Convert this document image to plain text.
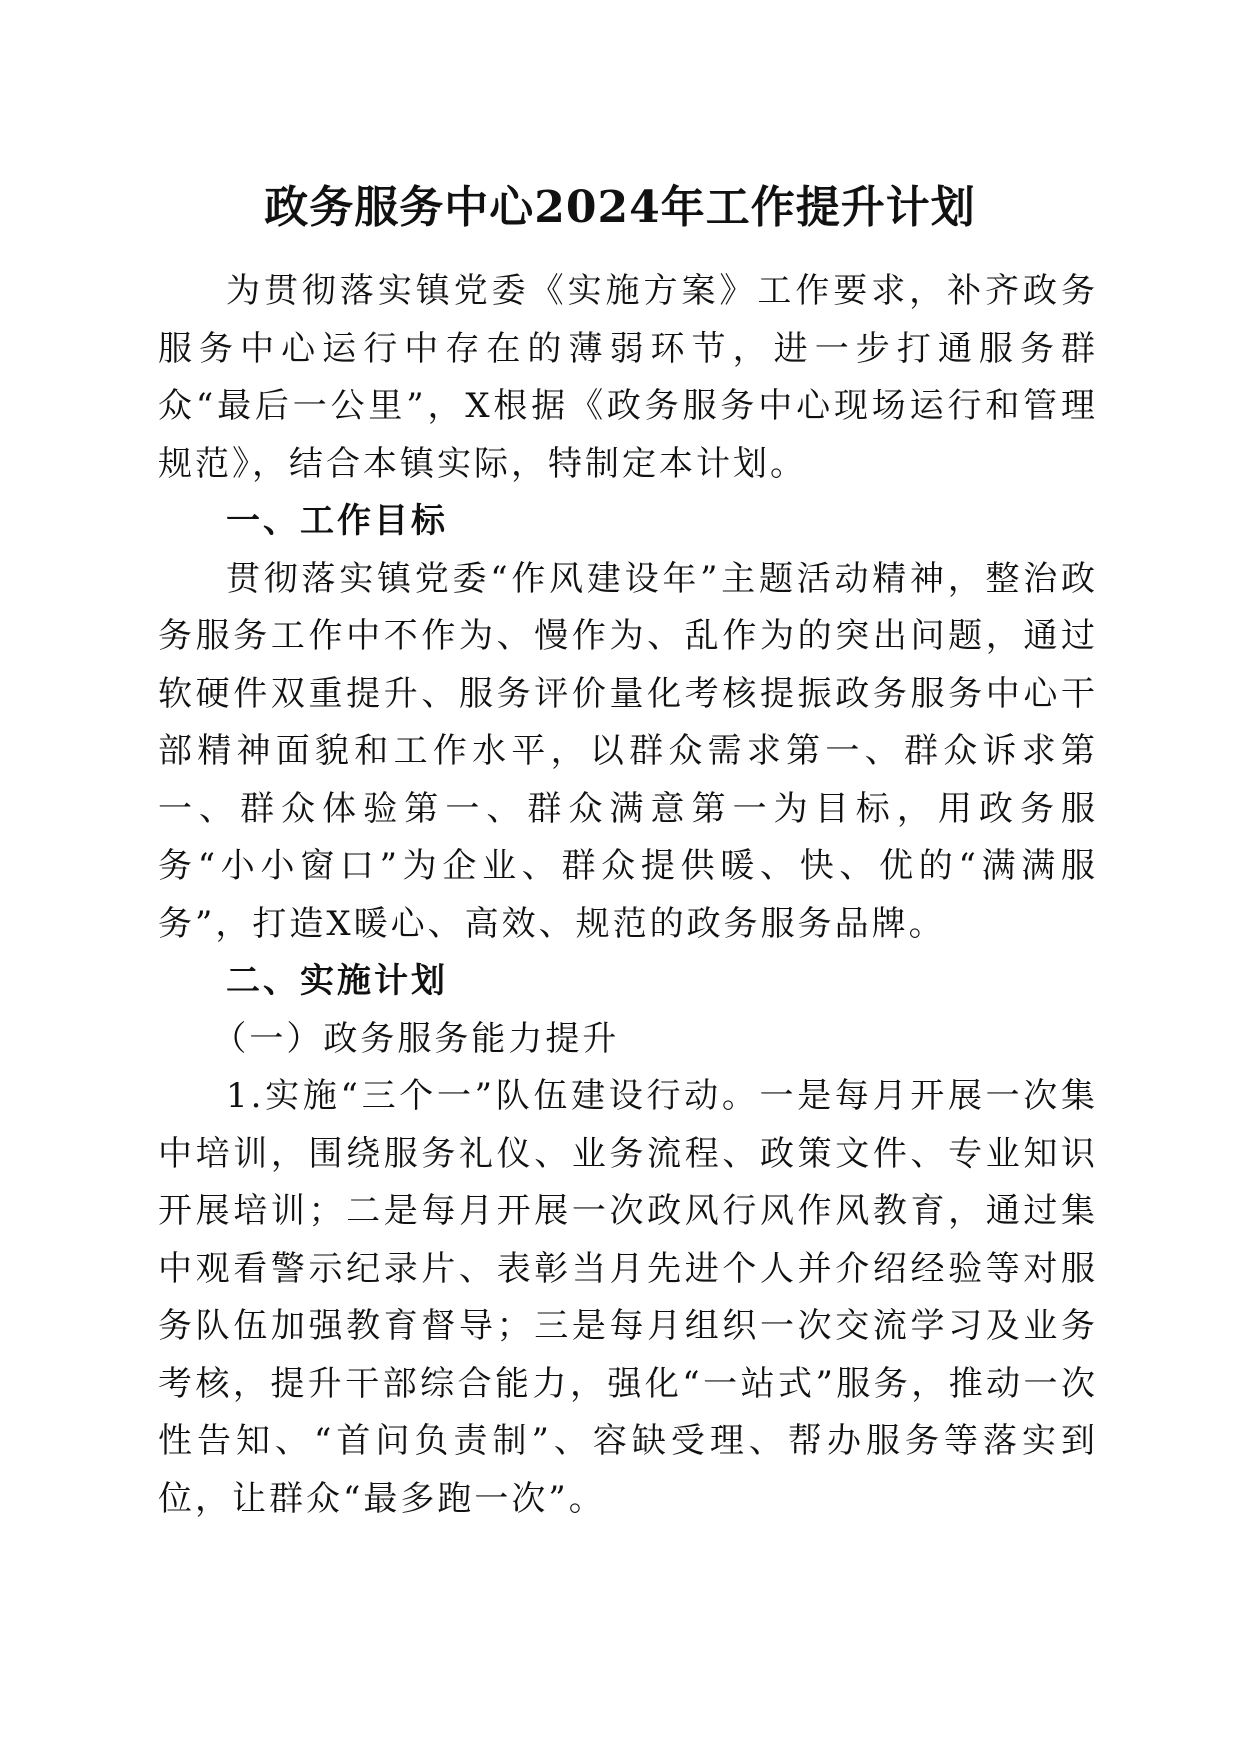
政务服务中心2024年工作提升计划

为贯彻落实镇党委《实施方案》工作要求，补齐政务服务中心运行中存在的薄弱环节，进一步打通服务群众“最后一公里”，X根据《政务服务中心现场运行和管理规范》，结合本镇实际，特制定本计划。

一、工作目标

贯彻落实镇党委“作风建设年”主题活动精神，整治政务服务工作中不作为、慢作为、乱作为的突出问题，通过软硬件双重提升、服务评价量化考核提振政务服务中心干部精神面貌和工作水平，以群众需求第一、群众诉求第一、群众体验第一、群众满意第一为目标，用政务服务“小小窗口”为企业、群众提供暖、快、优的“满满服务”，打造X暖心、高效、规范的政务服务品牌。

二、实施计划

（一）政务服务能力提升

1.实施“三个一”队伍建设行动。一是每月开展一次集中培训，围绕服务礼仪、业务流程、政策文件、专业知识开展培训；二是每月开展一次政风行风作风教育，通过集中观看警示纪录片、表彰当月先进个人并介绍经验等对服务队伍加强教育督导；三是每月组织一次交流学习及业务考核，提升干部综合能力，强化“一站式”服务，推动一次性告知、“首问负责制”、容缺受理、帮办服务等落实到位，让群众“最多跑一次”。
